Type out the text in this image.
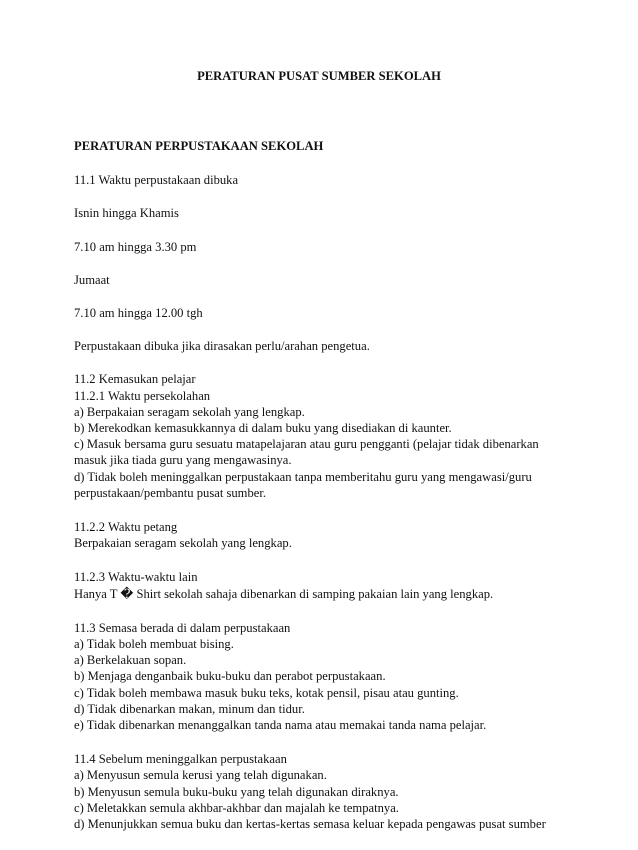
PERATURAN PUSAT SUMBER SEKOLAH
PERATURAN PERPUSTAKAAN SEKOLAH
11.1 Waktu perpustakaan dibuka
Isnin hingga Khamis
7.10 am hingga 3.30 pm
Jumaat
7.10 am hingga 12.00 tgh
Perpustakaan dibuka jika dirasakan perlu/arahan pengetua.
11.2 Kemasukan pelajar
11.2.1 Waktu persekolahan
a) Berpakaian seragam sekolah yang lengkap.
b) Merekodkan kemasukkannya di dalam buku yang disediakan di kaunter.
c) Masuk bersama guru sesuatu matapelajaran atau guru pengganti (pelajar tidak dibenarkan
masuk jika tiada guru yang mengawasinya.
d) Tidak boleh meninggalkan perpustakaan tanpa memberitahu guru yang mengawasi/guru
perpustakaan/pembantu pusat sumber.
11.2.2 Waktu petang
Berpakaian seragam sekolah yang lengkap.
11.2.3 Waktu-waktu lain
Hanya T � Shirt sekolah sahaja dibenarkan di samping pakaian lain yang lengkap.
11.3 Semasa berada di dalam perpustakaan
a) Tidak boleh membuat bising.
a) Berkelakuan sopan.
b) Menjaga denganbaik buku-buku dan perabot perpustakaan.
c) Tidak boleh membawa masuk buku teks, kotak pensil, pisau atau gunting.
d) Tidak dibenarkan makan, minum dan tidur.
e) Tidak dibenarkan menanggalkan tanda nama atau memakai tanda nama pelajar.
11.4 Sebelum meninggalkan perpustakaan
a) Menyusun semula kerusi yang telah digunakan.
b) Menyusun semula buku-buku yang telah digunakan diraknya.
c) Meletakkan semula akhbar-akhbar dan majalah ke tempatnya.
d) Menunjukkan semua buku dan kertas-kertas semasa keluar kepada pengawas pusat sumber
